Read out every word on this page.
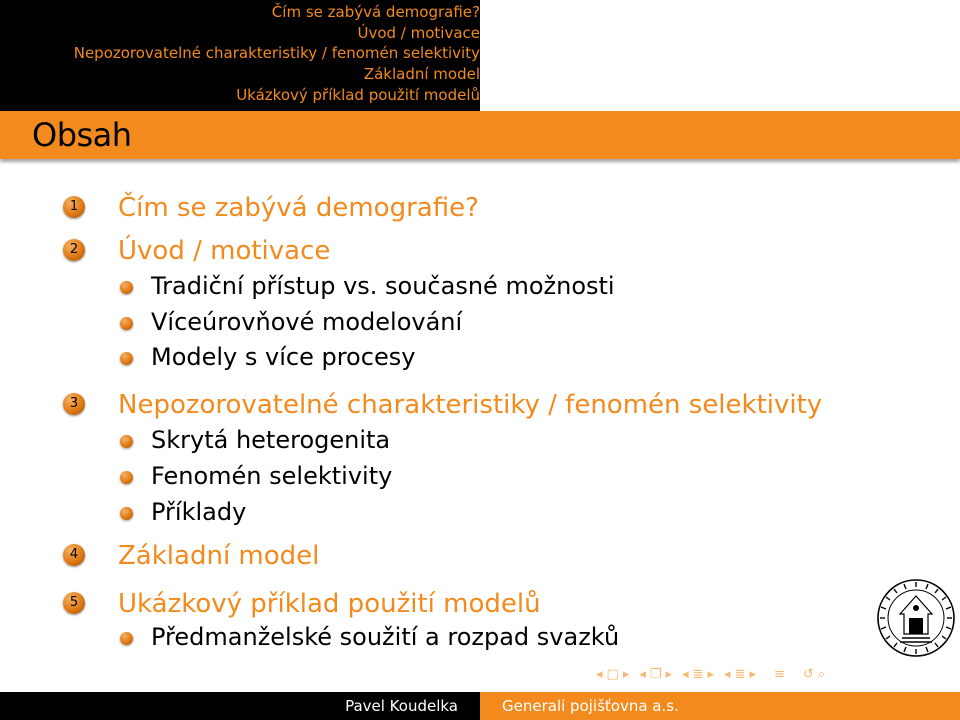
Čím se zabývá demografie?
Úvod / motivace
Nepozorovatelné charakteristiky / fenomén selektivity
Základní model
Ukázkový příklad použití modelů
Obsah
1 Čím se zabývá demografie?
2 Úvod / motivace
Tradiční přístup vs. současné možnosti
Víceúrovňové modelování
Modely s více procesy
3 Nepozorovatelné charakteristiky / fenomén selektivity
Skrytá heterogenita
Fenomén selektivity
Příklady
4 Základní model
5 Ukázkový příklad použití modelů
Předmanželské soužití a rozpad svazků
◂ □ ▸ ◂ ❐ ▸ ◂ ≣ ▸ ◂ ≣ ▸ ≡ ↺ ⌕
Pavel Koudelka	Generali pojišťovna a.s.
